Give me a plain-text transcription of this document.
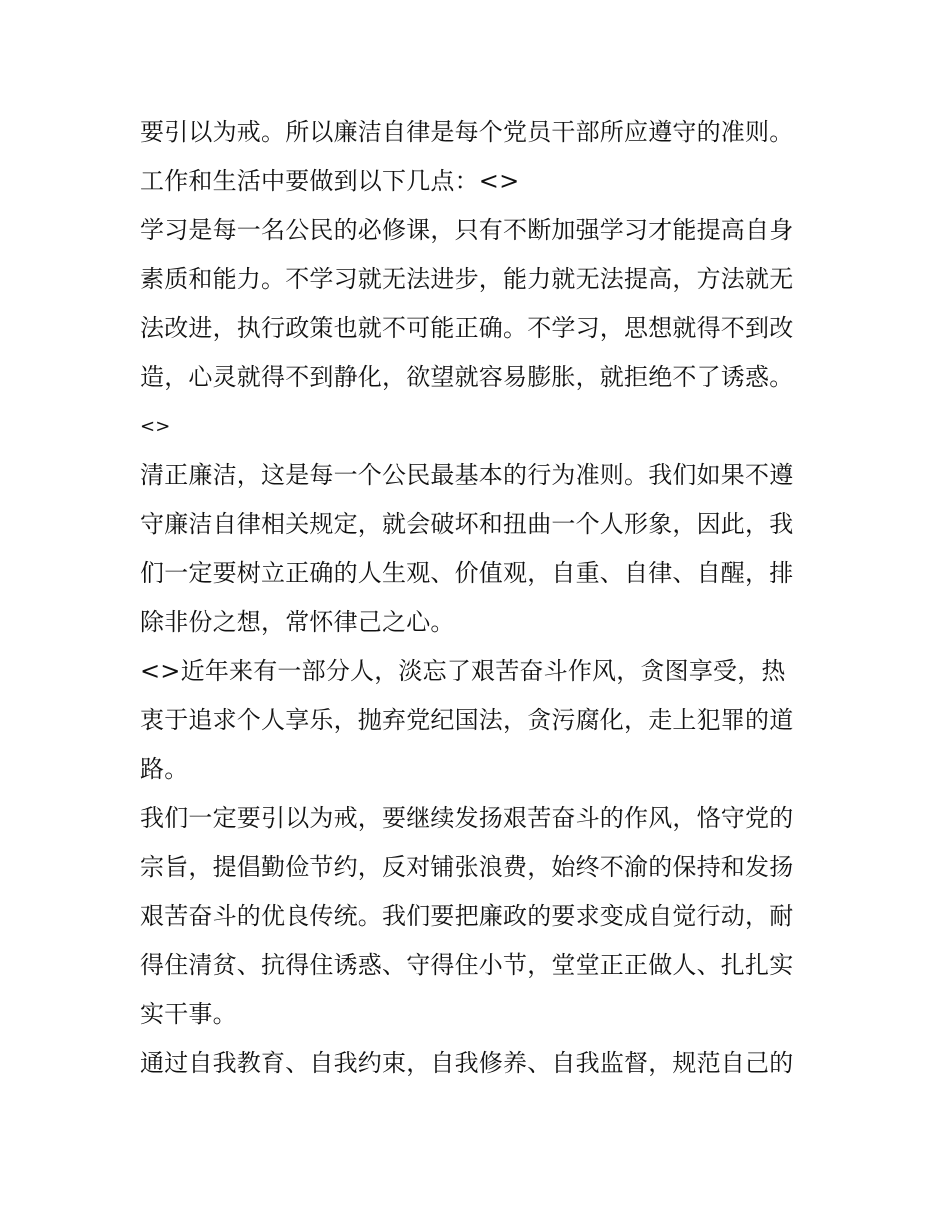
要引以为戒。所以廉洁自律是每个党员干部所应遵守的准则。
工作和生活中要做到以下几点：<>
学习是每一名公民的必修课，只有不断加强学习才能提高自身
素质和能力。不学习就无法进步，能力就无法提高，方法就无
法改进，执行政策也就不可能正确。不学习，思想就得不到改
造，心灵就得不到静化，欲望就容易膨胀，就拒绝不了诱惑。
<>
清正廉洁，这是每一个公民最基本的行为准则。我们如果不遵
守廉洁自律相关规定，就会破坏和扭曲一个人形象，因此，我
们一定要树立正确的人生观、价值观，自重、自律、自醒，排
除非份之想，常怀律己之心。
<>近年来有一部分人，淡忘了艰苦奋斗作风，贪图享受，热
衷于追求个人享乐，抛弃党纪国法，贪污腐化，走上犯罪的道
路。
我们一定要引以为戒，要继续发扬艰苦奋斗的作风，恪守党的
宗旨，提倡勤俭节约，反对铺张浪费，始终不渝的保持和发扬
艰苦奋斗的优良传统。我们要把廉政的要求变成自觉行动，耐
得住清贫、抗得住诱惑、守得住小节，堂堂正正做人、扎扎实
实干事。
通过自我教育、自我约束，自我修养、自我监督，规范自己的
